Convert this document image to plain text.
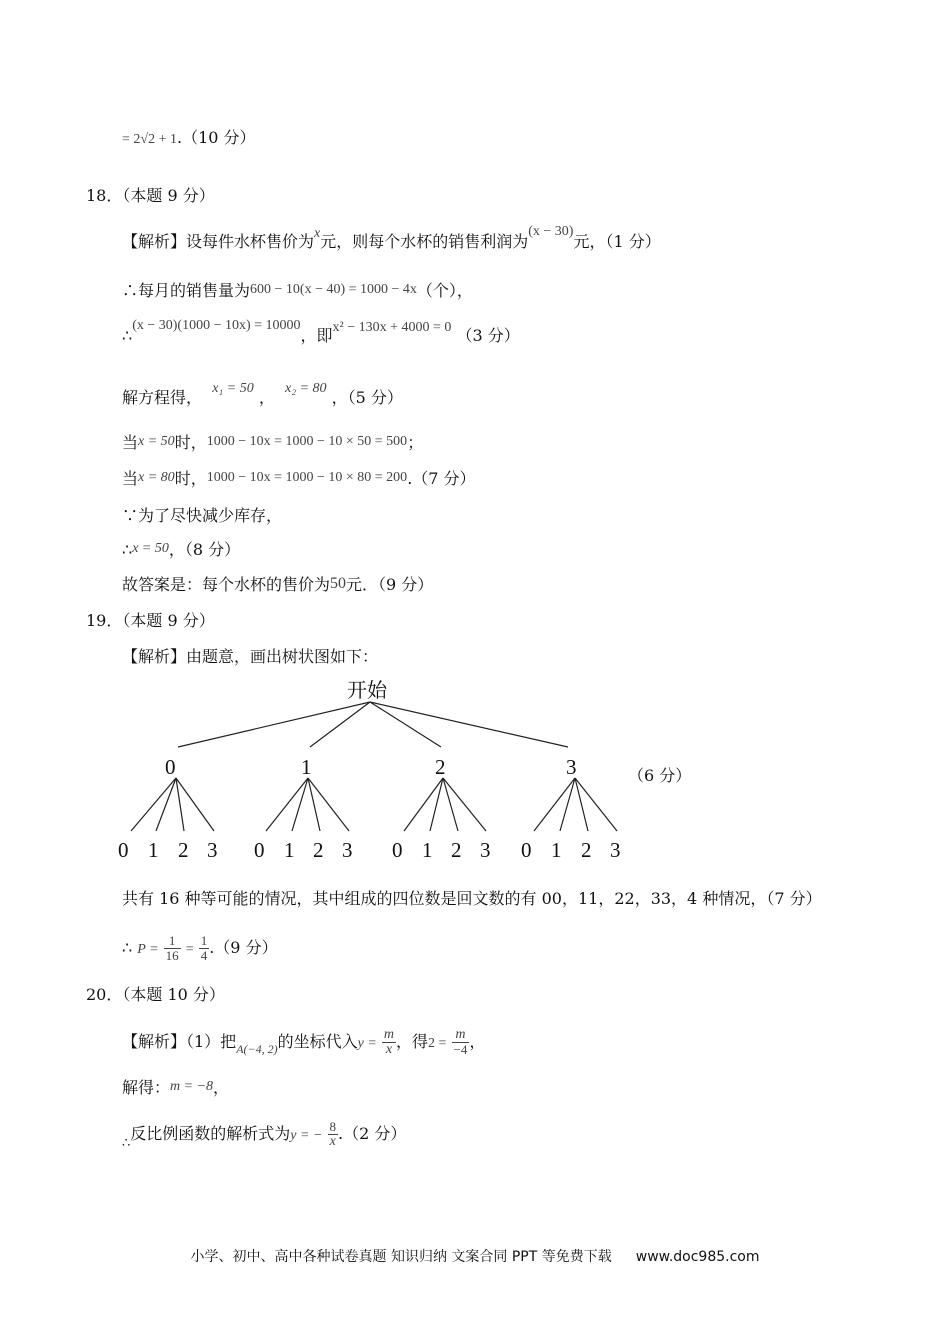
= 2√2 + 1.（10 分）
18．（本题 9 分）
【解析】设每件水杯售价为x元，则每个水杯的销售利润为(x − 30)元，（1 分）
∴每月的销售量为600 − 10(x − 40) = 1000 − 4x（个），
∴(x − 30)(1000 − 10x) = 10000，即x² − 130x + 4000 = 0 （3 分）
解方程得， x₁ = 50 ， x₂ = 80 ，（5 分）
当x = 50时，1000 − 10x = 1000 − 10 × 50 = 500；
当x = 80时，1000 − 10x = 1000 − 10 × 80 = 200.（7 分）
∵为了尽快减少库存，
∴x = 50，（8 分）
故答案是：每个水杯的售价为50元．（9 分）
19．（本题 9 分）
【解析】由题意，画出树状图如下：
开始
0	1	2	3	（6 分）
0 1 2 3 0 1 2 3 0 1 2 3 0 1 2 3
共有 16 种等可能的情况，其中组成的四位数是回文数的有 00，11，22，33，4 种情况，（7 分）
∴ $P = \frac{1}{16} = \frac{1}{4} .(9$ 分）
20．（本题 10 分）
【解析】（1）把$_{A(-4, 2)}$的坐标代入$y = \frac{m}{x}$ ，得$2 = \frac{m}{-4}$ ，
解得：m = −8，
$_\therefore$反比例函数的解析式为y = − $\frac{8}{x} .(2$ 分）
小学、初中、高中各种试卷真题 知识归纳 文案合同 PPT 等免费下载 www.doc985.com
